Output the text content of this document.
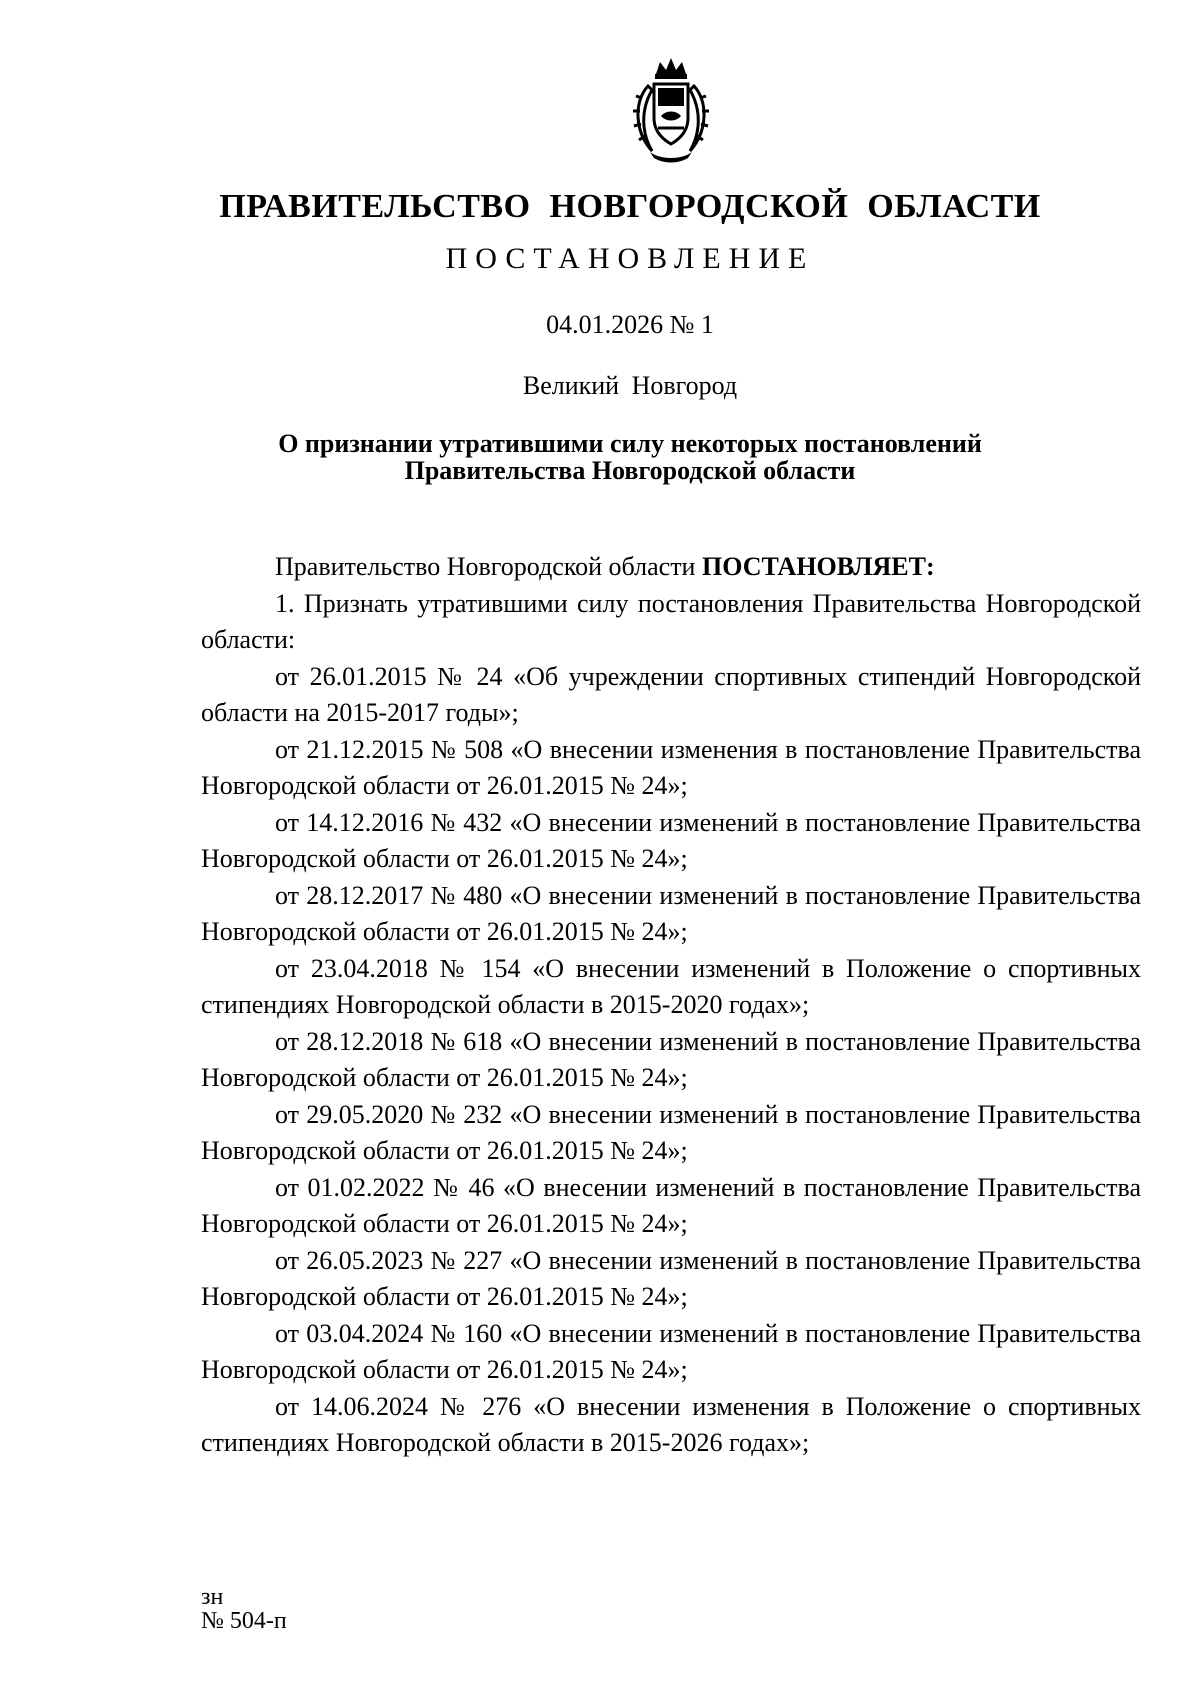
ПРАВИТЕЛЬСТВО НОВГОРОДСКОЙ ОБЛАСТИ
ПОСТАНОВЛЕНИЕ
04.01.2026 № 1
Великий Новгород
О признании утратившими силу некоторых постановлений
Правительства Новгородской области

Правительство Новгородской области ПОСТАНОВЛЯЕТ:

1. Признать утратившими силу постановления Правительства Новгородской области:

от 26.01.2015 № 24 «Об учреждении спортивных стипендий Новгородской области на 2015-2017 годы»;

от 21.12.2015 № 508 «О внесении изменения в постановление Правительства Новгородской области от 26.01.2015 № 24»;

от 14.12.2016 № 432 «О внесении изменений в постановление Правительства Новгородской области от 26.01.2015 № 24»;

от 28.12.2017 № 480 «О внесении изменений в постановление Правительства Новгородской области от 26.01.2015 № 24»;

от 23.04.2018 № 154 «О внесении изменений в Положение о спортивных стипендиях Новгородской области в 2015-2020 годах»;

от 28.12.2018 № 618 «О внесении изменений в постановление Правительства Новгородской области от 26.01.2015 № 24»;

от 29.05.2020 № 232 «О внесении изменений в постановление Правительства Новгородской области от 26.01.2015 № 24»;

от 01.02.2022 № 46 «О внесении изменений в постановление Правительства Новгородской области от 26.01.2015 № 24»;

от 26.05.2023 № 227 «О внесении изменений в постановление Правительства Новгородской области от 26.01.2015 № 24»;

от 03.04.2024 № 160 «О внесении изменений в постановление Правительства Новгородской области от 26.01.2015 № 24»;

от 14.06.2024 № 276 «О внесении изменения в Положение о спортивных стипендиях Новгородской области в 2015-2026 годах»;

зн
№ 504-п
